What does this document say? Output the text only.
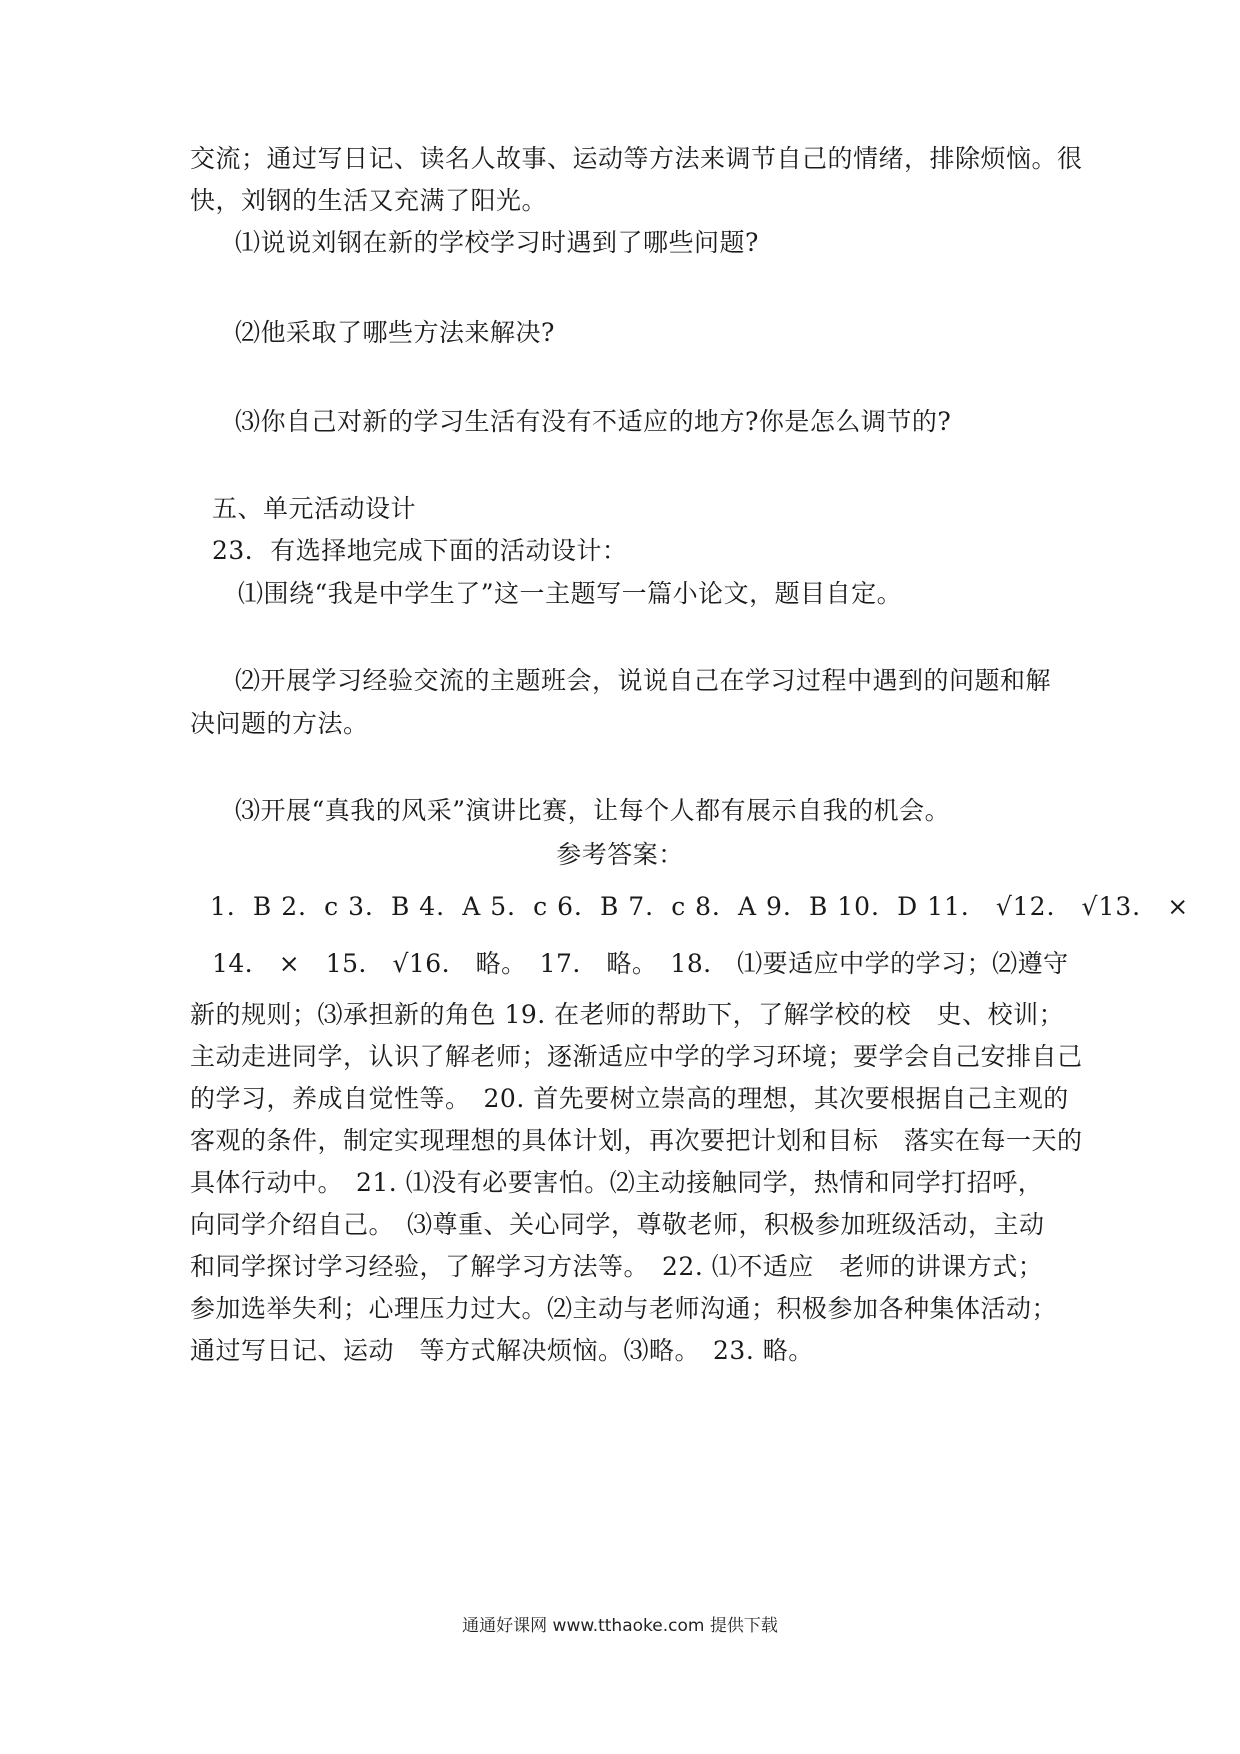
交流；通过写日记、读名人故事、运动等方法来调节自己的情绪，排除烦恼。很
快，刘钢的生活又充满了阳光。
⑴说说刘钢在新的学校学习时遇到了哪些问题?
⑵他采取了哪些方法来解决?
⑶你自己对新的学习生活有没有不适应的地方?你是怎么调节的?
五、单元活动设计
23．有选择地完成下面的活动设计：
⑴围绕“我是中学生了”这一主题写一篇小论文，题目自定。
⑵开展学习经验交流的主题班会，说说自己在学习过程中遇到的问题和解
决问题的方法。
⑶开展“真我的风采”演讲比赛，让每个人都有展示自我的机会。
参考答案：
1．B 2．c 3．B 4．A 5．c 6．B 7．c 8．A 9．B 10．D 11． √12． √13． ×
14． ×　15． √16． 略。　17． 略。　18． ⑴要适应中学的学习；⑵遵守
新的规则；⑶承担新的角色 19. 在老师的帮助下，了解学校的校　史、校训；
主动走进同学，认识了解老师；逐渐适应中学的学习环境；要学会自己安排自己
的学习，养成自觉性等。　20. 首先要树立崇高的理想，其次要根据自己主观的
客观的条件，制定实现理想的具体计划，再次要把计划和目标　落实在每一天的
具体行动中。　21. ⑴没有必要害怕。⑵主动接触同学，热情和同学打招呼，
向同学介绍自己。　⑶尊重、关心同学，尊敬老师，积极参加班级活动，主动
和同学探讨学习经验，了解学习方法等。　22. ⑴不适应　老师的讲课方式；
参加选举失利；心理压力过大。⑵主动与老师沟通；积极参加各种集体活动；
通过写日记、运动　等方式解决烦恼。⑶略。　23. 略。
通通好课网 www.tthaoke.com 提供下载
